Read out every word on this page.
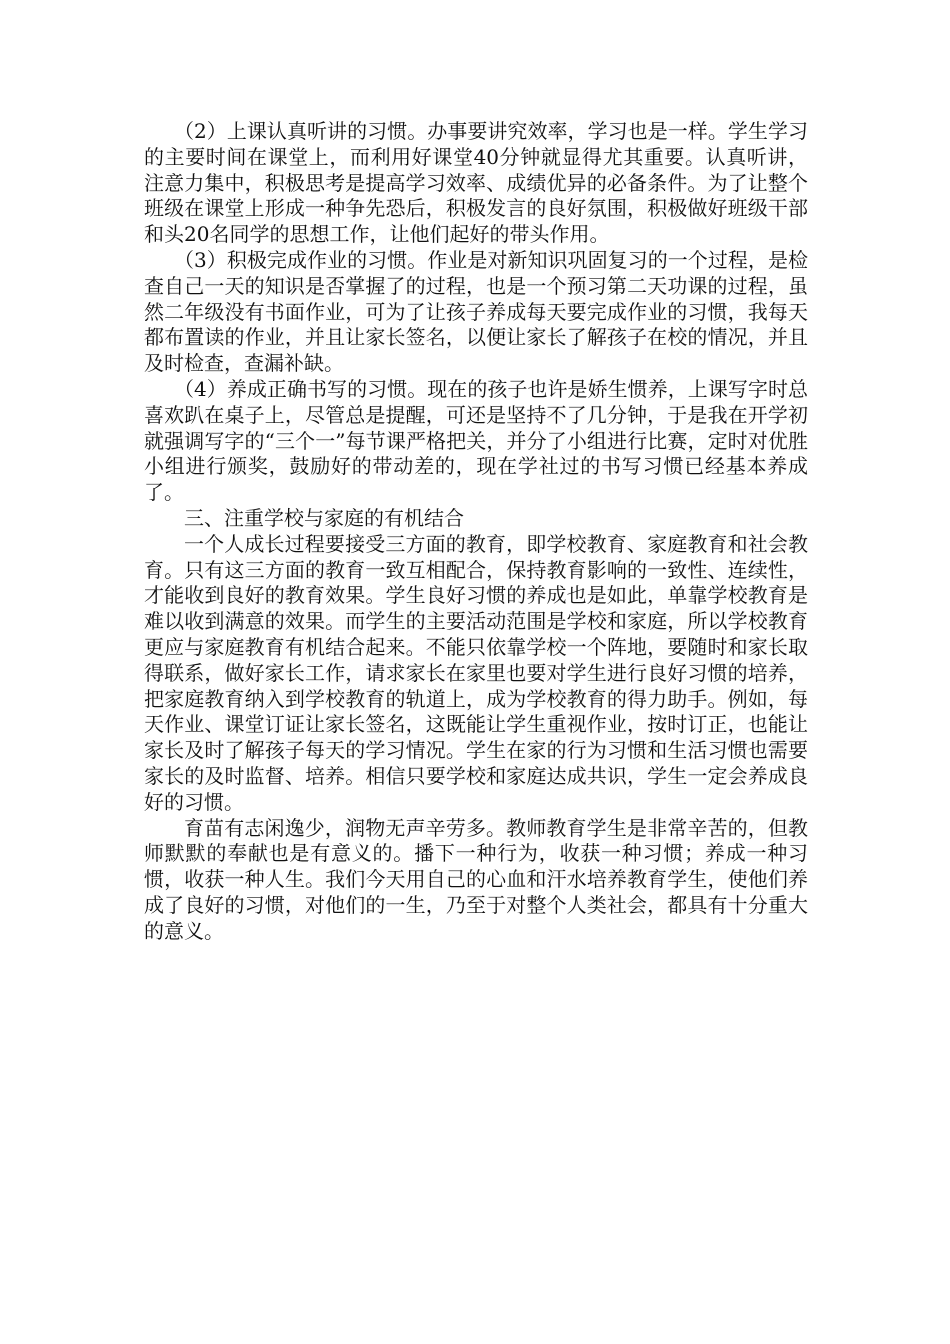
（2）上课认真听讲的习惯。办事要讲究效率，学习也是一样。学生学习的主要时间在课堂上，而利用好课堂40分钟就显得尤其重要。认真听讲，注意力集中，积极思考是提高学习效率、成绩优异的必备条件。为了让整个班级在课堂上形成一种争先恐后，积极发言的良好氛围，积极做好班级干部和头20名同学的思想工作，让他们起好的带头作用。

（3）积极完成作业的习惯。作业是对新知识巩固复习的一个过程，是检查自己一天的知识是否掌握了的过程，也是一个预习第二天功课的过程，虽然二年级没有书面作业，可为了让孩子养成每天要完成作业的习惯，我每天都布置读的作业，并且让家长签名，以便让家长了解孩子在校的情况，并且及时检查，查漏补缺。

（4）养成正确书写的习惯。现在的孩子也许是娇生惯养，上课写字时总喜欢趴在桌子上，尽管总是提醒，可还是坚持不了几分钟，于是我在开学初就强调写字的“三个一”每节课严格把关，并分了小组进行比赛，定时对优胜小组进行颁奖，鼓励好的带动差的，现在学社过的书写习惯已经基本养成了。

三、注重学校与家庭的有机结合

一个人成长过程要接受三方面的教育，即学校教育、家庭教育和社会教育。只有这三方面的教育一致互相配合，保持教育影响的一致性、连续性，才能收到良好的教育效果。学生良好习惯的养成也是如此，单靠学校教育是难以收到满意的效果。而学生的主要活动范围是学校和家庭，所以学校教育更应与家庭教育有机结合起来。不能只依靠学校一个阵地，要随时和家长取得联系，做好家长工作，请求家长在家里也要对学生进行良好习惯的培养，把家庭教育纳入到学校教育的轨道上，成为学校教育的得力助手。例如，每天作业、课堂订证让家长签名，这既能让学生重视作业，按时订正，也能让家长及时了解孩子每天的学习情况。学生在家的行为习惯和生活习惯也需要家长的及时监督、培养。相信只要学校和家庭达成共识，学生一定会养成良好的习惯。

育苗有志闲逸少，润物无声辛劳多。教师教育学生是非常辛苦的，但教师默默的奉献也是有意义的。播下一种行为，收获一种习惯；养成一种习惯，收获一种人生。我们今天用自己的心血和汗水培养教育学生，使他们养成了良好的习惯，对他们的一生，乃至于对整个人类社会，都具有十分重大的意义。
